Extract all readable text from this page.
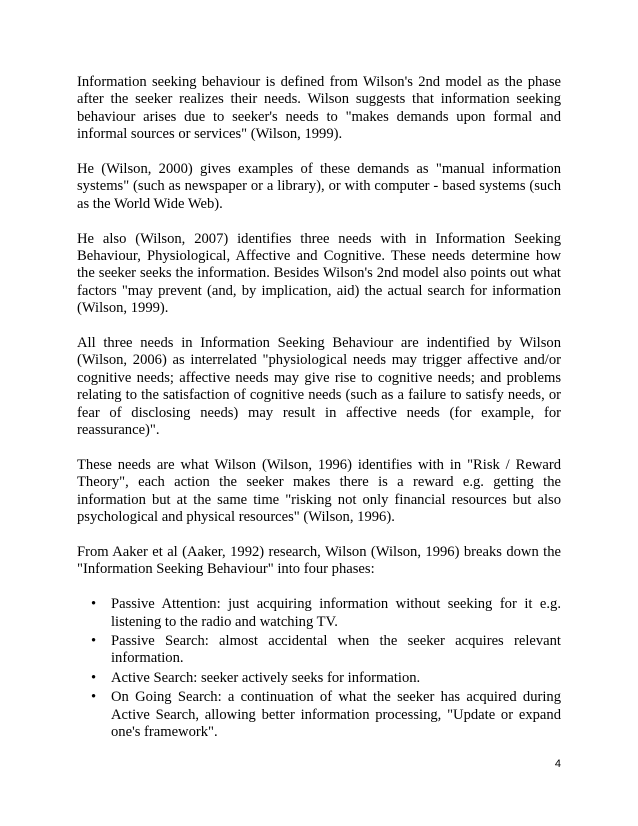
Information seeking behaviour is defined from Wilson's 2nd model as the phase after the seeker realizes their needs. Wilson suggests that information seeking behaviour arises due to seeker's needs to "makes demands upon formal and informal sources or services" (Wilson, 1999).

He (Wilson, 2000) gives examples of these demands as "manual information systems" (such as newspaper or a library), or with computer - based systems (such as the World Wide Web).

He also (Wilson, 2007) identifies three needs with in Information Seeking Behaviour, Physiological, Affective and Cognitive. These needs determine how the seeker seeks the information. Besides Wilson's 2nd model also points out what factors "may prevent (and, by implication, aid) the actual search for information (Wilson, 1999).

All three needs in Information Seeking Behaviour are indentified by Wilson (Wilson, 2006) as interrelated "physiological needs may trigger affective and/or cognitive needs; affective needs may give rise to cognitive needs; and problems relating to the satisfaction of cognitive needs (such as a failure to satisfy needs, or fear of disclosing needs) may result in affective needs (for example, for reassurance)".

These needs are what Wilson (Wilson, 1996) identifies with in "Risk / Reward Theory", each action the seeker makes there is a reward e.g. getting the information but at the same time "risking not only financial resources but also psychological and physical resources" (Wilson, 1996).

From Aaker et al (Aaker, 1992) research, Wilson (Wilson, 1996) breaks down the "Information Seeking Behaviour" into four phases:

• Passive Attention: just acquiring information without seeking for it e.g. listening to the radio and watching TV.
• Passive Search: almost accidental when the seeker acquires relevant information.
• Active Search: seeker actively seeks for information.
• On Going Search: a continuation of what the seeker has acquired during Active Search, allowing better information processing, "Update or expand one's framework".
4
